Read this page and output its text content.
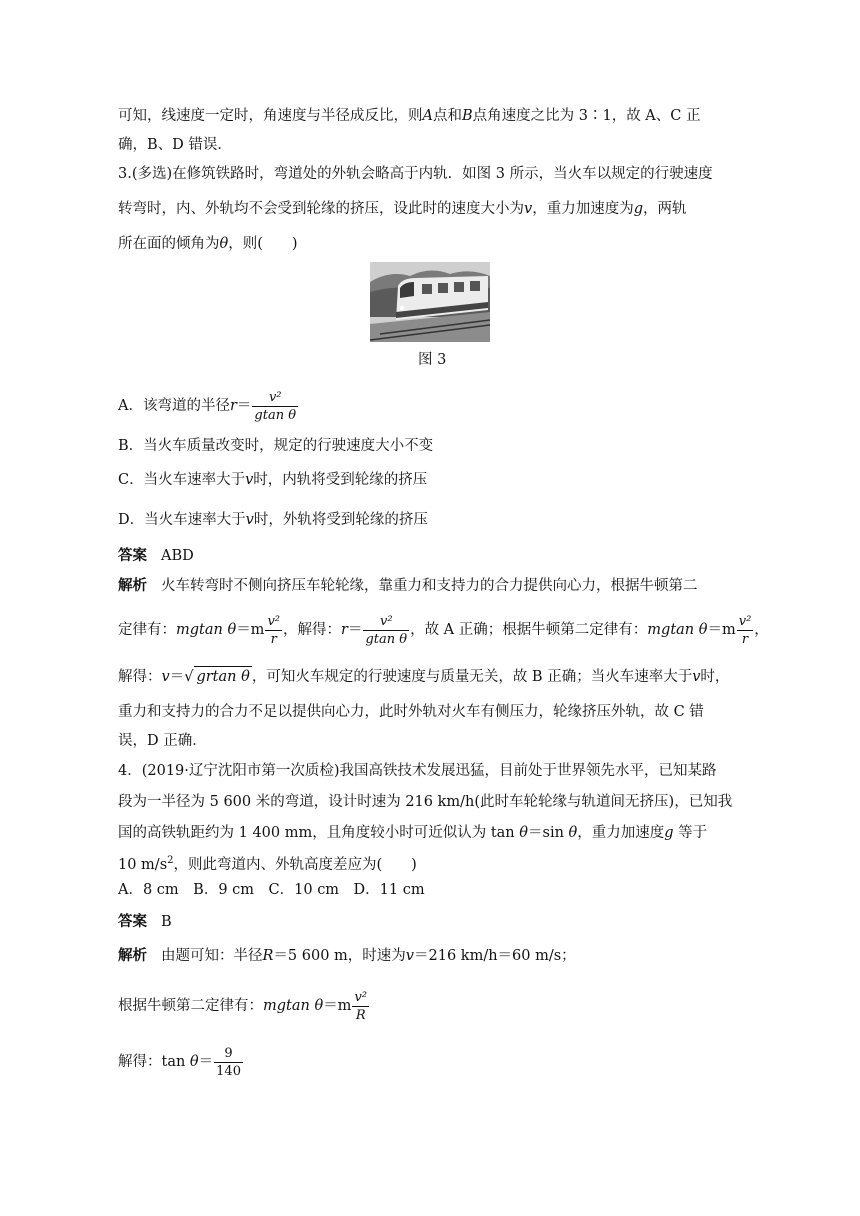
可知，线速度一定时，角速度与半径成反比，则A点和B点角速度之比为 3∶1，故 A、C 正
确，B、D 错误．
3.(多选)在修筑铁路时，弯道处的外轨会略高于内轨．如图 3 所示，当火车以规定的行驶速度
转弯时，内、外轨均不会受到轮缘的挤压，设此时的速度大小为v，重力加速度为g，两轨
所在面的倾角为θ，则(　　)
图 3
A．该弯道的半径$r= \frac{\text{v²}}{\text{gtan θ}}$
B．当火车质量改变时，规定的行驶速度大小不变
C．当火车速率大于v时，内轨将受到轮缘的挤压
D．当火车速率大于v时，外轨将受到轮缘的挤压
答案 ABD
解析 火车转弯时不侧向挤压车轮轮缘，靠重力和支持力的合力提供向心力，根据牛顿第二
定律有：mgtan $\theta=m \frac{\text{v²}}{r}$ ，解得：$r= \frac{\text{v²}}{\text{gtan θ}}$ ，故 A 正确；根据牛顿第二定律有：mgtan $\theta=m \frac{\text{v²}}{r}$ ，
解得：v＝√ grtan θ ，可知火车规定的行驶速度与质量无关，故 B 正确；当火车速率大于v时，
重力和支持力的合力不足以提供向心力，此时外轨对火车有侧压力，轮缘挤压外轨，故 C 错
误，D 正确．
4．(2019·辽宁沈阳市第一次质检)我国高铁技术发展迅猛，目前处于世界领先水平，已知某路
段为一半径为 5 600 米的弯道，设计时速为 216 km/h(此时车轮轮缘与轨道间无挤压)，已知我
国的高铁轨距约为 1 400 mm，且角度较小时可近似认为 tan θ＝sin θ，重力加速度g 等于
10 $m/s^2$，则此弯道内、外轨高度差应为(　　)
A．8 cm　B．9 cm　C．10 cm　D．11 cm
答案 B
解析 由题可知：半径R＝5 600 m，时速为v＝216 km/h＝60 m/s；
根据牛顿第二定律有：mgtan $\theta=m \frac{\text{v²}}{R}$
解得：$\tan \theta= \frac{9}{140}$
